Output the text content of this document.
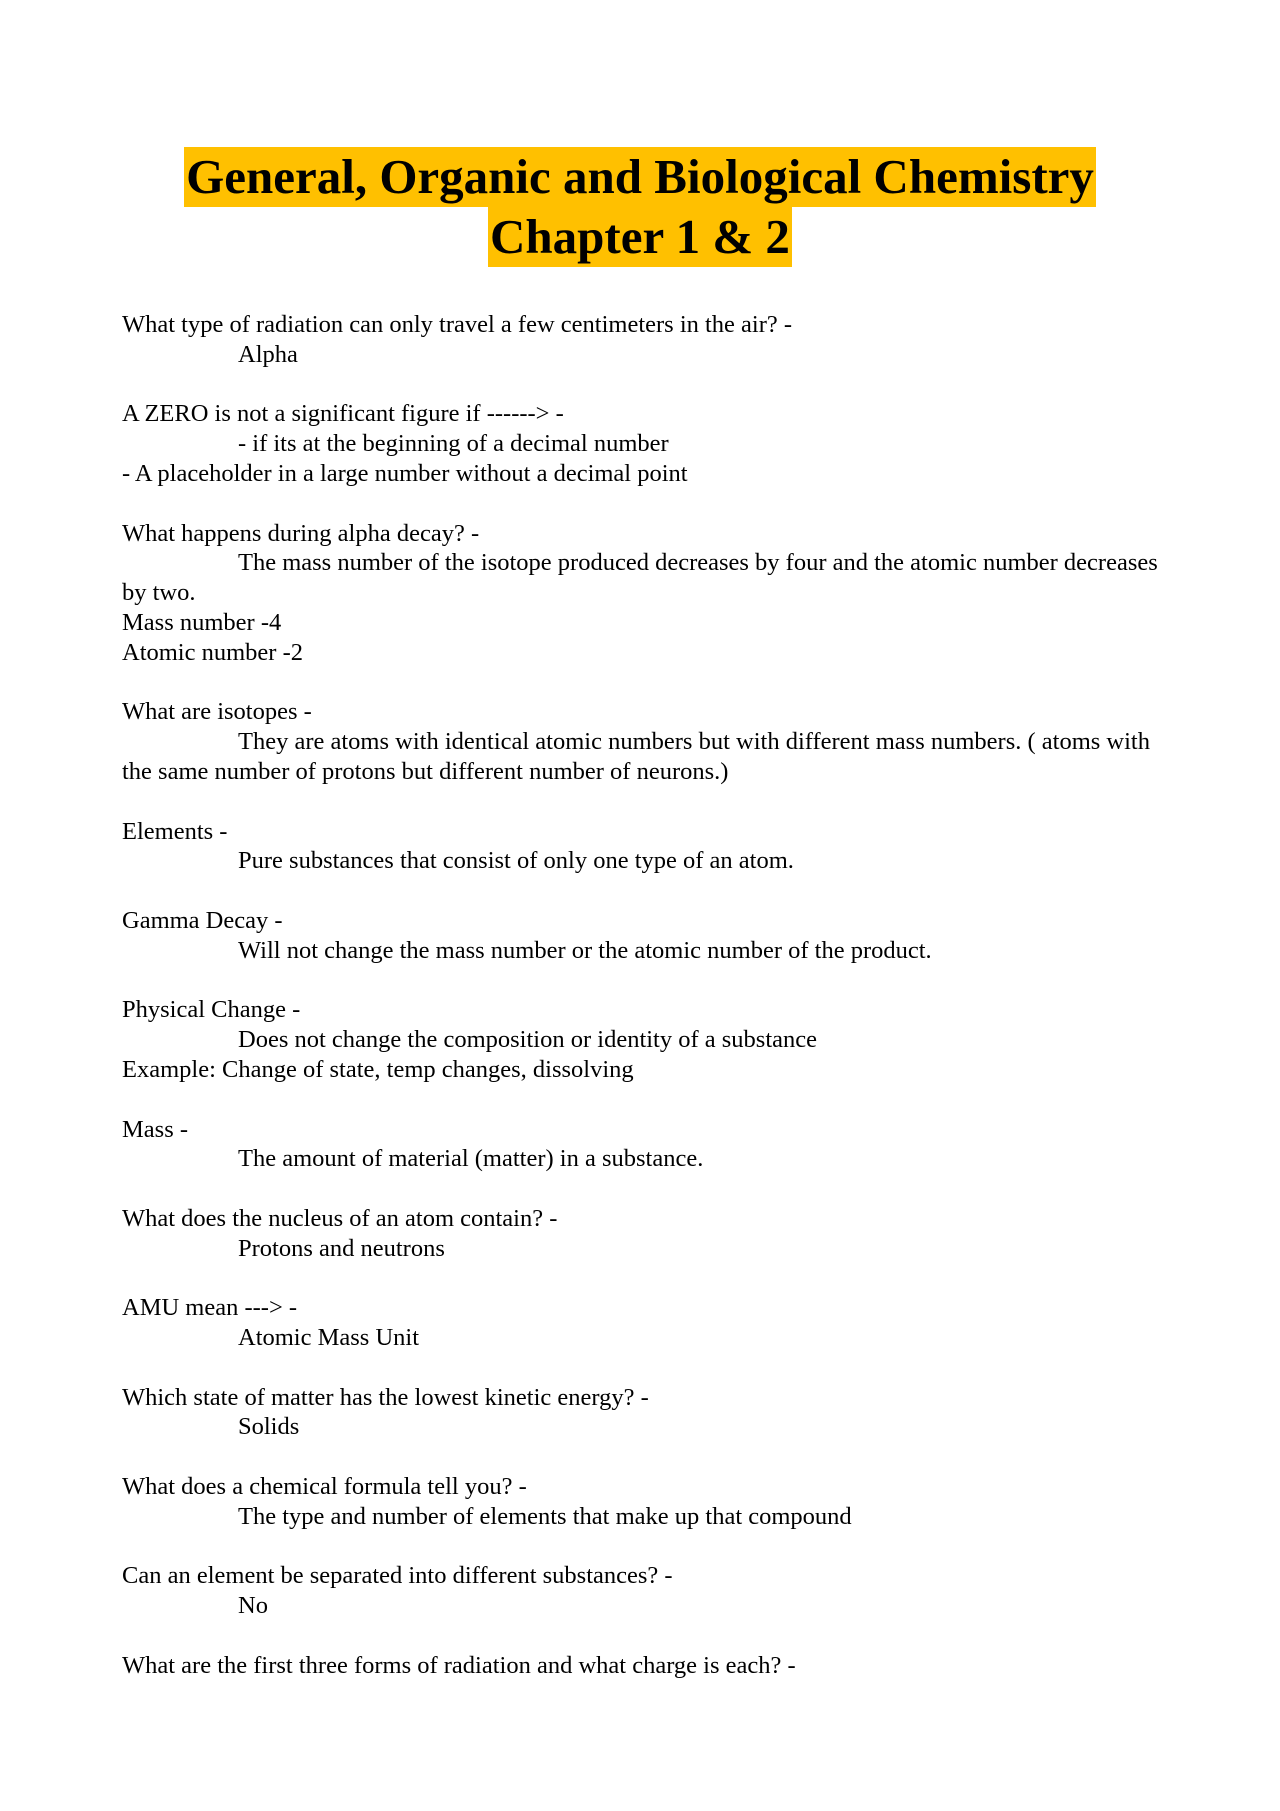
General, Organic and Biological Chemistry
Chapter 1 & 2
What type of radiation can only travel a few centimeters in the air? -
Alpha
A ZERO is not a significant figure if ------> -
- if its at the beginning of a decimal number
- A placeholder in a large number without a decimal point
What happens during alpha decay? -
The mass number of the isotope produced decreases by four and the atomic number decreases by two.
Mass number -4
Atomic number -2
What are isotopes -
They are atoms with identical atomic numbers but with different mass numbers. ( atoms with the same number of protons but different number of neurons.)
Elements -
Pure substances that consist of only one type of an atom.
Gamma Decay -
Will not change the mass number or the atomic number of the product.
Physical Change -
Does not change the composition or identity of a substance
Example: Change of state, temp changes, dissolving
Mass -
The amount of material (matter) in a substance.
What does the nucleus of an atom contain? -
Protons and neutrons
AMU mean ---> -
Atomic Mass Unit
Which state of matter has the lowest kinetic energy? -
Solids
What does a chemical formula tell you? -
The type and number of elements that make up that compound
Can an element be separated into different substances? -
No
What are the first three forms of radiation and what charge is each? -
